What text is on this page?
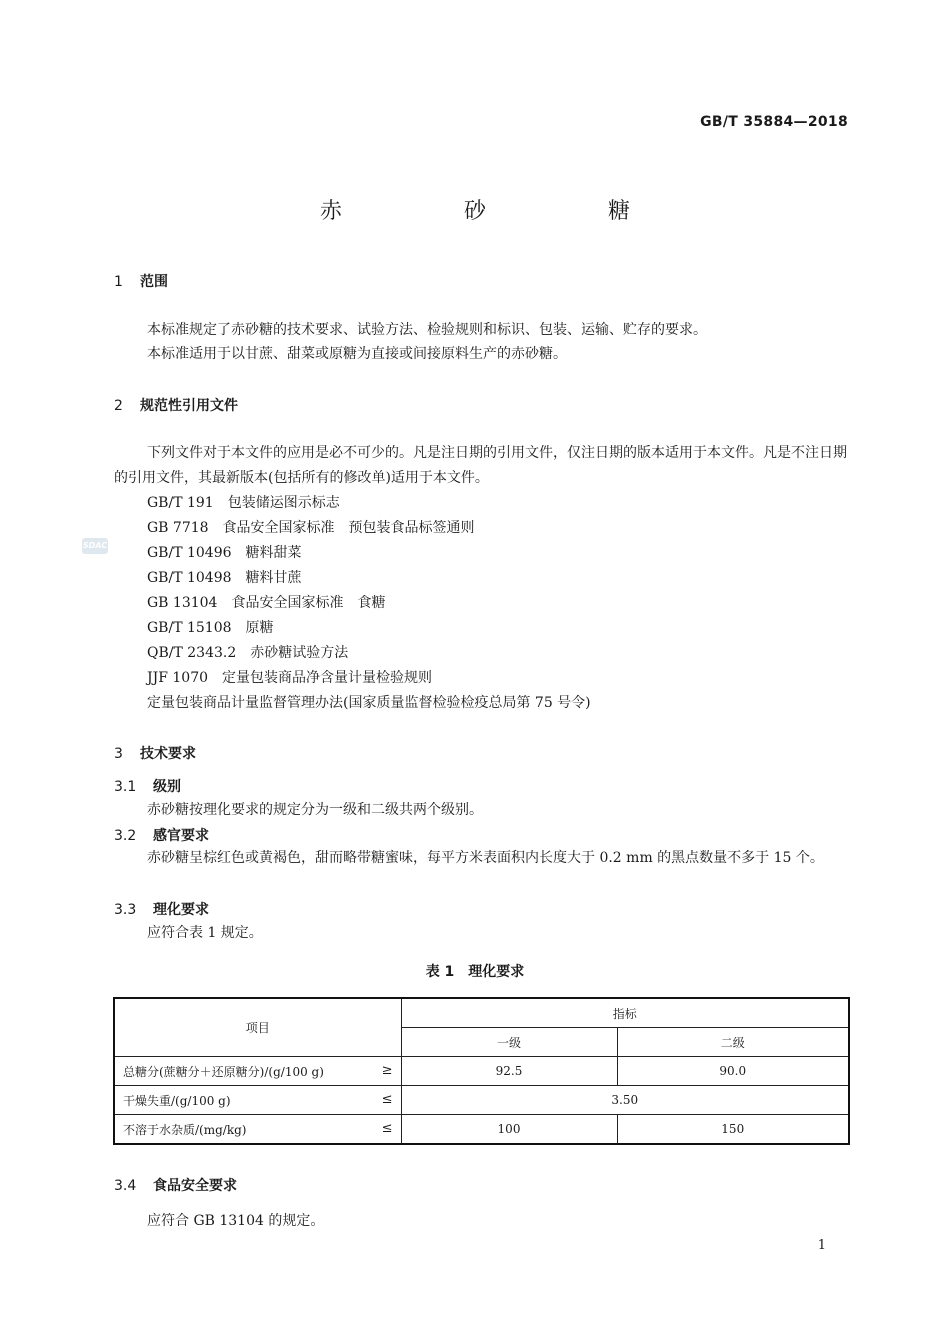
GB/T 35884—2018
赤　砂　糖
1 范围
本标准规定了赤砂糖的技术要求、试验方法、检验规则和标识、包装、运输、贮存的要求。
本标准适用于以甘蔗、甜菜或原糖为直接或间接原料生产的赤砂糖。
2 规范性引用文件
下列文件对于本文件的应用是必不可少的。凡是注日期的引用文件，仅注日期的版本适用于本文件。凡是不注日期的引用文件，其最新版本(包括所有的修改单)适用于本文件。
SDAC
GB/T 191　包装储运图示标志
GB 7718　食品安全国家标准　预包装食品标签通则
GB/T 10496　糖料甜菜
GB/T 10498　糖料甘蔗
GB 13104　食品安全国家标准　食糖
GB/T 15108　原糖
QB/T 2343.2　赤砂糖试验方法
JJF 1070　定量包装商品净含量计量检验规则
定量包装商品计量监督管理办法(国家质量监督检验检疫总局第 75 号令)
3 技术要求
3.1 级别
赤砂糖按理化要求的规定分为一级和二级共两个级别。
3.2 感官要求
赤砂糖呈棕红色或黄褐色，甜而略带糖蜜味，每平方米表面积内长度大于 0.2 mm 的黑点数量不多于 15 个。
3.3 理化要求
应符合表 1 规定。
表 1　理化要求
项目	指标	
	一级	二级
总糖分(蔗糖分＋还原糖分)/(g/100 g) ≥	92.5	90.0
干燥失重/(g/100 g) ≤	3.50	
不溶于水杂质/(mg/kg) ≤	100	150
3.4 食品安全要求
应符合 GB 13104 的规定。
1
